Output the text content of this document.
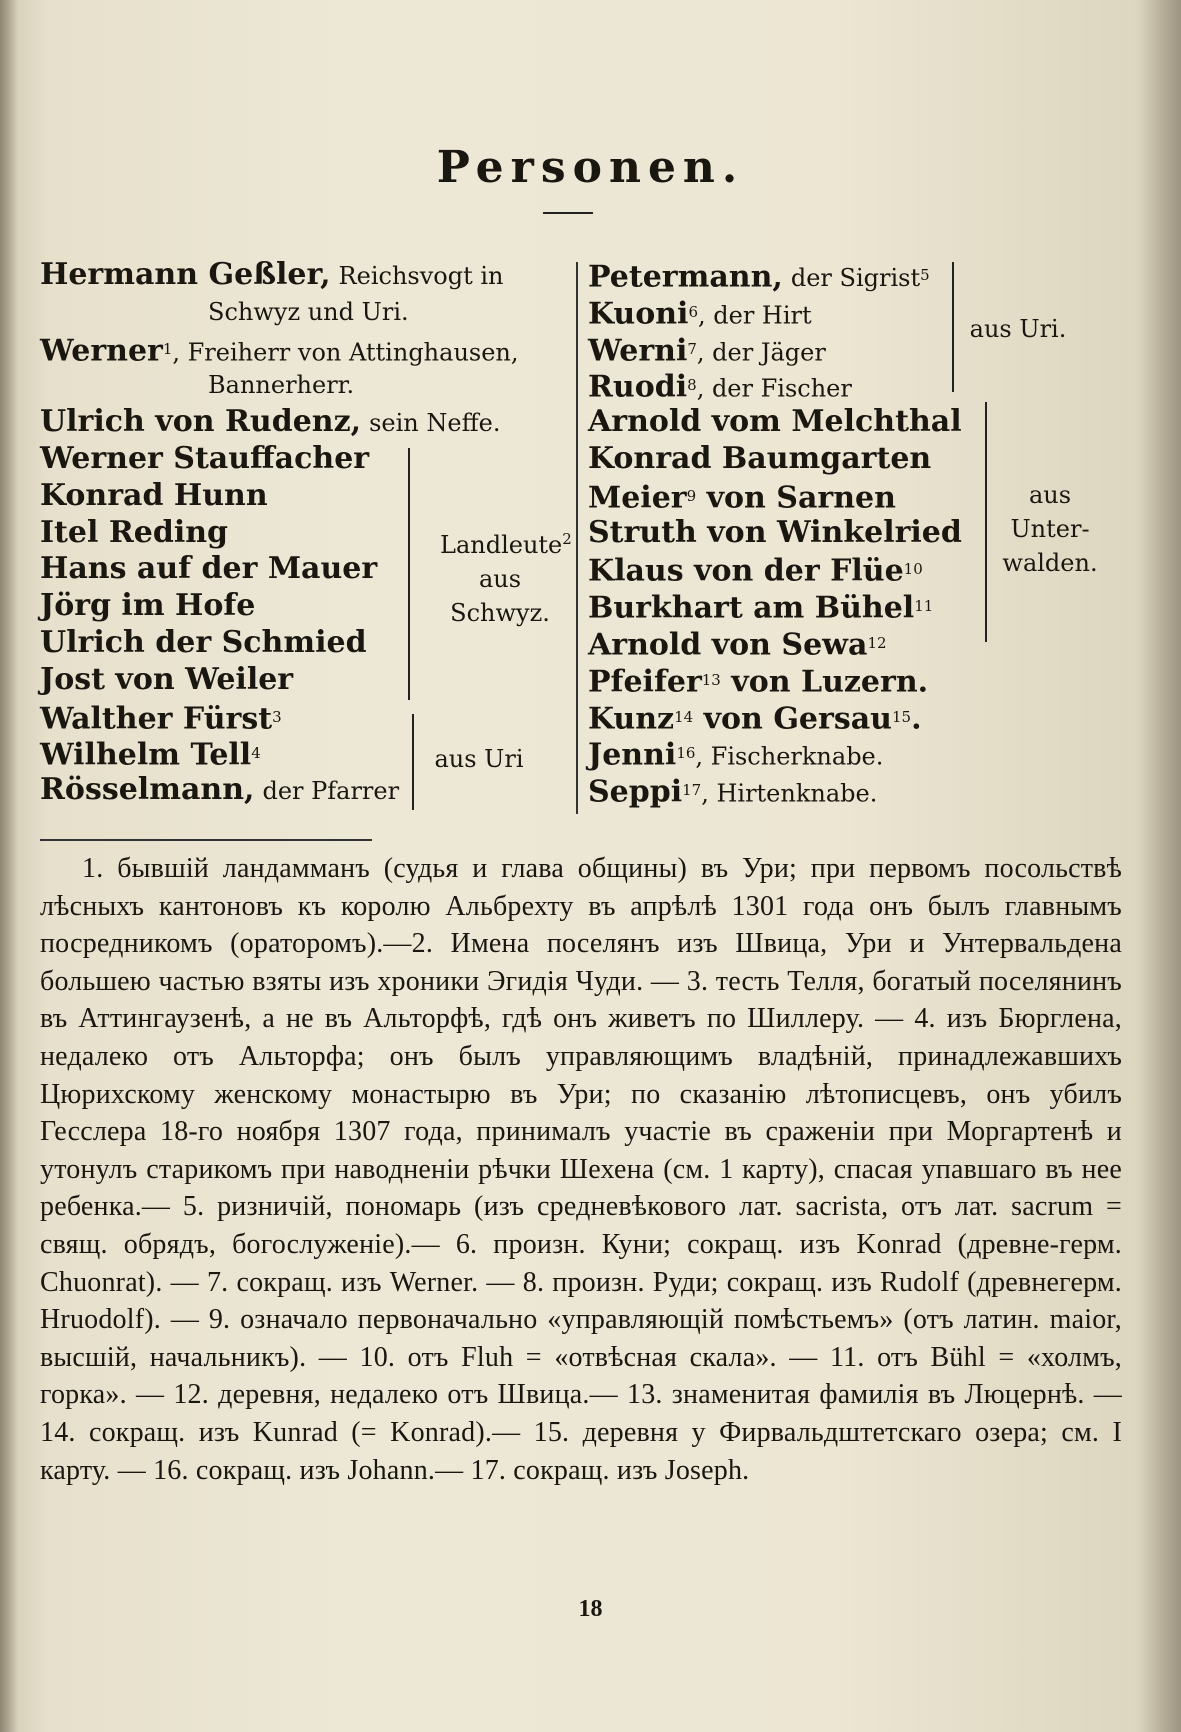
Personen.
Hermann Geßler, Reichsvogt in
Schwyz und Uri.
Werner1, Freiherr von Attinghausen,
Bannerherr.
Ulrich von Rudenz, sein Neffe.
Werner Stauffacher
Konrad Hunn
Itel Reding
Hans auf der Mauer
Jörg im Hofe
Ulrich der Schmied
Jost von Weiler
Walther Fürst3
Wilhelm Tell4
Rösselmann, der Pfarrer
Petermann, der Sigrist5
Kuoni6, der Hirt
Werni7, der Jäger
Ruodi8, der Fischer
Arnold vom Melchthal
Konrad Baumgarten
Meier9 von Sarnen
Struth von Winkelried
Klaus von der Flüe10
Burkhart am Bühel11
Arnold von Sewa12
Pfeifer13 von Luzern.
Kunz14 von Gersau15.
Jenni16, Fischerknabe.
Seppi17, Hirtenknabe.
Landleute$^2$
aus
Schwyz.
aus Uri
aus Uri.
aus
Unter-
walden.

1. бывшій ландамманъ (судья и глава общины) въ Ури; при первомъ посольствѣ лѣсныхъ кантоновъ къ королю Альбрехту въ апрѣлѣ 1301 года онъ былъ главнымъ посредникомъ (ораторомъ).—2. Имена поселянъ изъ Швица, Ури и Унтервальдена большею частью взяты изъ хроники Эгидія Чуди. — 3. тесть Телля, богатый поселянинъ въ Аттингаузенѣ, а не въ Альторфѣ, гдѣ онъ живетъ по Шиллеру. — 4. изъ Бюрглена, недалеко отъ Альторфа; онъ былъ управляющимъ владѣній, принадлежавшихъ Цюрихскому женскому монастырю въ Ури; по сказанію лѣтописцевъ, онъ убилъ Гесслера 18-го ноября 1307 года, принималъ участіе въ сраженіи при Моргартенѣ и утонулъ старикомъ при наводненіи рѣчки Шехена (см. 1 карту), спасая упавшаго въ нее ребенка.— 5. ризничій, пономарь (изъ средневѣкового лат. sacrista, отъ лат. sacrum = свящ. обрядъ, богослуженіе).— 6. произн. Куни; сокращ. изъ Konrad (древне-герм. Chuonrat). — 7. сокращ. изъ Werner. — 8. произн. Руди; сокращ. изъ Rudolf (древнегерм. Hruodolf). — 9. означало первоначально «управляющій помѣстьемъ» (отъ латин. maior, высшій, начальникъ). — 10. отъ Fluh = «отвѣсная скала». — 11. отъ Bühl = «холмъ, горка». — 12. деревня, недалеко отъ Швица.— 13. знаменитая фамилія въ Люцернѣ. — 14. сокращ. изъ Kunrad (= Konrad).— 15. деревня у Фирвальдштетскаго озера; см. I карту. — 16. сокращ. изъ Johann.— 17. сокращ. изъ Joseph.

18
